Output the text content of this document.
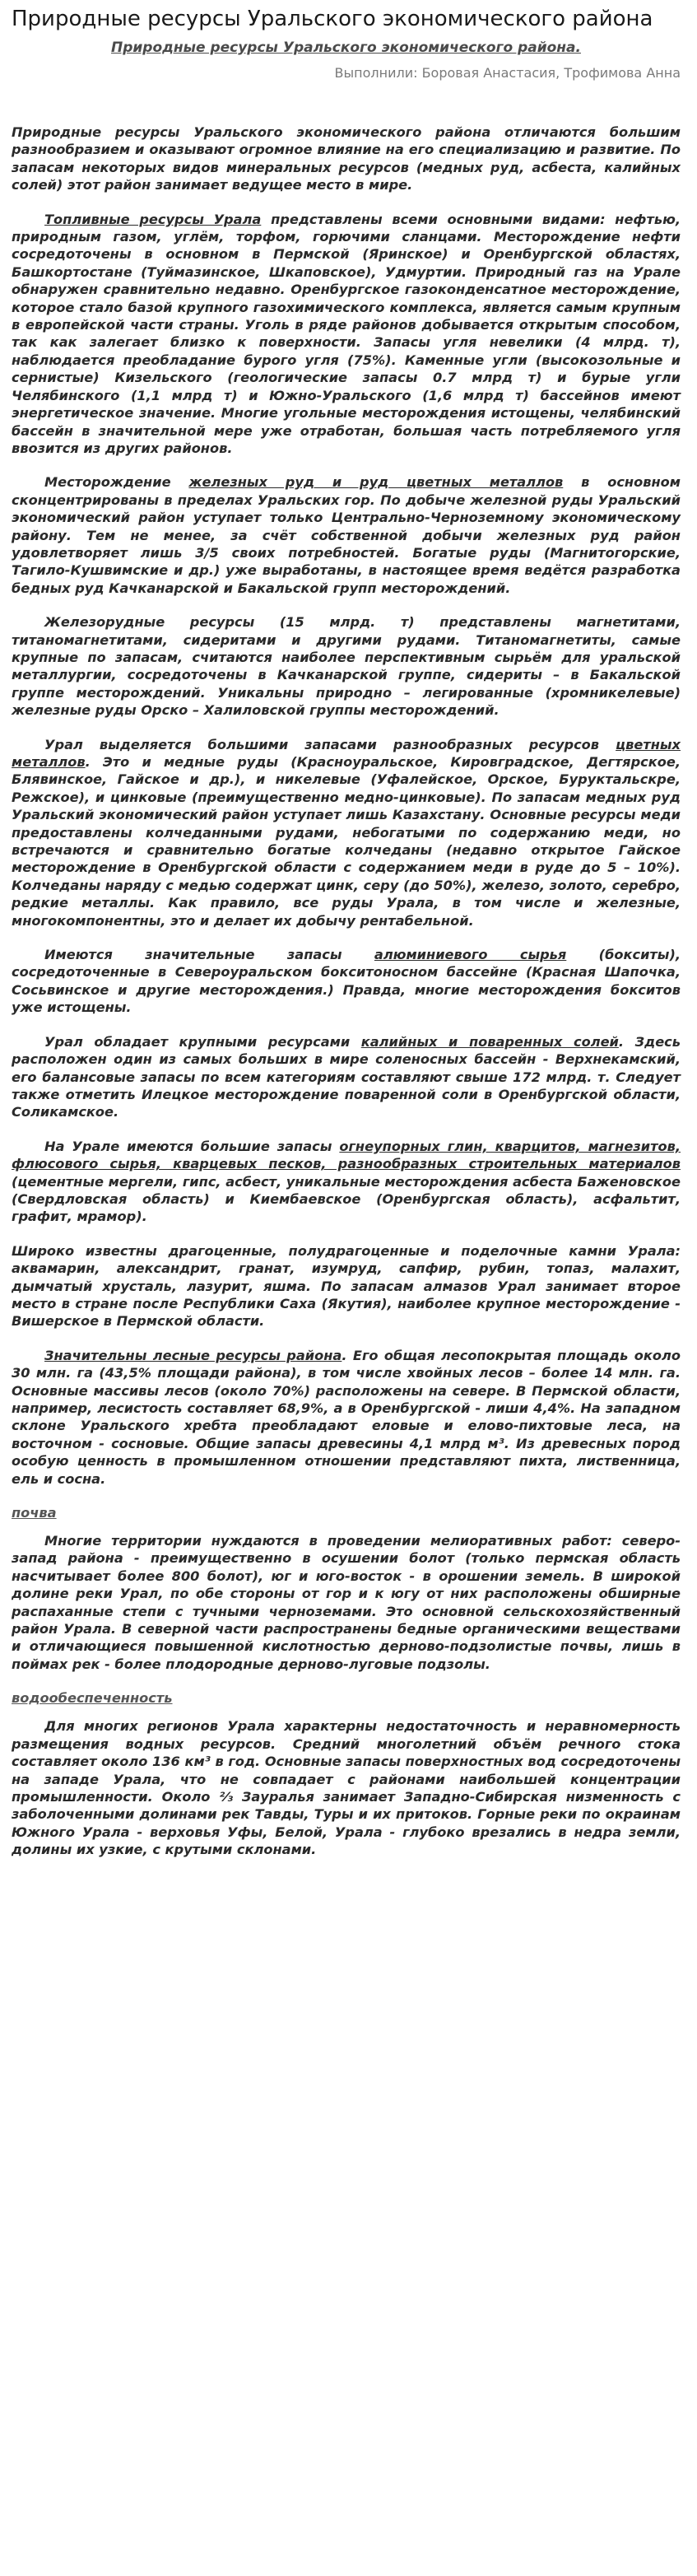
Природные ресурсы Уральского экономического района
Природные ресурсы Уральского экономического района.
Выполнили: Боровая Анастасия, Трофимова Анна

Природные ресурсы Уральского экономического района отличаются большим разнообразием и оказывают огромное влияние на его специализацию и развитие. По запасам некоторых видов минеральных ресурсов (медных руд, асбеста, калийных солей) этот район занимает ведущее место в мире.

Топливные ресурсы Урала представлены всеми основными видами: нефтью, природным газом, углём, торфом, горючими сланцами. Месторождение нефти сосредоточены в основном в Пермской (Яринское) и Оренбургской областях, Башкортостане (Туймазинское, Шкаповское), Удмуртии. Природный газ на Урале обнаружен сравнительно недавно. Оренбургское газоконденсатное месторождение, которое стало базой крупного газохимического комплекса, является самым крупным в европейской части страны. Уголь в ряде районов добывается открытым способом, так как залегает близко к поверхности. Запасы угля невелики (4 млрд. т), наблюдается преобладание бурого угля (75%). Каменные угли (высокозольные и сернистые) Кизельского (геологические запасы 0.7 млрд т) и бурые угли Челябинского (1,1 млрд т) и Южно-Уральского (1,6 млрд т) бассейнов имеют энергетическое значение. Многие угольные месторождения истощены, челябинский бассейн в значительной мере уже отработан, большая часть потребляемого угля ввозится из других районов.

Месторождение железных руд и руд цветных металлов в основном сконцентрированы в пределах Уральских гор. По добыче железной руды Уральский экономический район уступает только Центрально-Черноземному экономическому району. Тем не менее, за счёт собственной добычи железных руд район удовлетворяет лишь 3/5 своих потребностей. Богатые руды (Магнитогорские, Тагило-Кушвимские и др.) уже выработаны, в настоящее время ведётся разработка бедных руд Качканарской и Бакальской групп месторождений.

Железорудные ресурсы (15 млрд. т) представлены магнетитами, титаномагнетитами, сидеритами и другими рудами. Титаномагнетиты, самые крупные по запасам, считаются наиболее перспективным сырьём для уральской металлургии, сосредоточены в Качканарской группе, сидериты – в Бакальской группе месторождений. Уникальны природно – легированные (хромникелевые) железные руды Орско – Халиловской группы месторождений.

Урал выделяется большими запасами разнообразных ресурсов цветных металлов. Это и медные руды (Красноуральское, Кировградское, Дегтярское, Блявинское, Гайское и др.), и никелевые (Уфалейское, Орское, Буруктальскре, Режское), и цинковые (преимущественно медно-цинковые). По запасам медных руд Уральский экономический район уступает лишь Казахстану. Основные ресурсы меди предоставлены колчеданными рудами, небогатыми по содержанию меди, но встречаются и сравнительно богатые колчеданы (недавно открытое Гайское месторождение в Оренбургской области с содержанием меди в руде до 5 – 10%). Колчеданы наряду с медью содержат цинк, серу (до 50%), железо, золото, серебро, редкие металлы. Как правило, все руды Урала, в том числе и железные, многокомпонентны, это и делает их добычу рентабельной.

Имеются значительные запасы алюминиевого сырья (бокситы), сосредоточенные в Североуральском бокситоносном бассейне (Красная Шапочка, Сосьвинское и другие месторождения.) Правда, многие месторождения бокситов уже истощены.

Урал обладает крупными ресурсами калийных и поваренных солей. Здесь расположен один из самых больших в мире соленосных бассейн - Верхнекамский, его балансовые запасы по всем категориям составляют свыше 172 млрд. т. Следует также отметить Илецкое месторождение поваренной соли в Оренбургской области, Соликамское.

На Урале имеются большие запасы огнеупорных глин, кварцитов, магнезитов, флюсового сырья, кварцевых песков, разнообразных строительных материалов (цементные мергели, гипс, асбест, уникальные месторождения асбеста Баженовское (Свердловская область) и Киембаевское (Оренбургская область), асфальтит, графит, мрамор).

Широко известны драгоценные, полудрагоценные и поделочные камни Урала: аквамарин, александрит, гранат, изумруд, сапфир, рубин, топаз, малахит, дымчатый хрусталь, лазурит, яшма. По запасам алмазов Урал занимает второе место в стране после Республики Саха (Якутия), наиболее крупное месторождение - Вишерское в Пермской области.

Значительны лесные ресурсы района. Его общая лесопокрытая площадь около 30 млн. га (43,5% площади района), в том числе хвойных лесов – более 14 млн. га. Основные массивы лесов (около 70%) расположены на севере. В Пермской области, например, лесистость составляет 68,9%, а в Оренбургской - лиши 4,4%. На западном склоне Уральского хребта преобладают еловые и елово-пихтовые леса, на восточном - сосновые. Общие запасы древесины 4,1 млрд м³. Из древесных пород особую ценность в промышленном отношении представляют пихта, лиственница, ель и сосна.

почва

Многие территории нуждаются в проведении мелиоративных работ: северо-запад района - преимущественно в осушении болот (только пермская область насчитывает более 800 болот), юг и юго-восток - в орошении земель. В широкой долине реки Урал, по обе стороны от гор и к югу от них расположены обширные распаханные степи с тучными черноземами. Это основной сельскохозяйственный район Урала. В северной части распространены бедные органическими веществами и отличающиеся повышенной кислотностью дерново-подзолистые почвы, лишь в поймах рек - более плодородные дерново-луговые подзолы.

водообеспеченность

Для многих регионов Урала характерны недостаточность и неравномерность размещения водных ресурсов. Средний многолетний объём речного стока составляет около 136 км³ в год. Основные запасы поверхностных вод сосредоточены на западе Урала, что не совпадает с районами наибольшей концентрации промышленности. Около ⅔ Зауралья занимает Западно-Сибирская низменность с заболоченными долинами рек Тавды, Туры и их притоков. Горные реки по окраинам Южного Урала - верховья Уфы, Белой, Урала - глубоко врезались в недра земли, долины их узкие, с крутыми склонами.
